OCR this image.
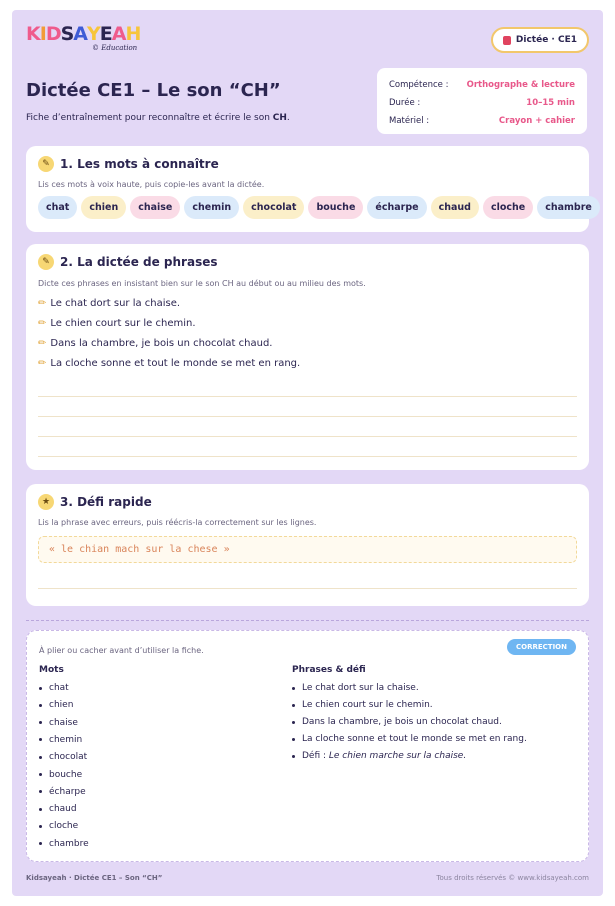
KIDSAYEAH
© Education
Dictée · CE1
Dictée CE1 – Le son “CH”
Fiche d’entraînement pour reconnaître et écrire le son CH.
Compétence : Orthographe & lecture
Durée :	10–15 min
Matériel :	Crayon + cahier
✎ 1. Les mots à connaître
Lis ces mots à voix haute, puis copie-les avant la dictée.
chat	chien	chaise	chemin	chocolat	bouche	écharpe	chaud	cloche	chambre
✎ 2. La dictée de phrases
Dicte ces phrases en insistant bien sur le son CH au début ou au milieu des mots.
✏ Le chat dort sur la chaise.
✏ Le chien court sur le chemin.
✏ Dans la chambre, je bois un chocolat chaud.
✏ La cloche sonne et tout le monde se met en rang.
★ 3. Défi rapide
Lis la phrase avec erreurs, puis réécris-la correctement sur les lignes.
« le chian mach sur la chese »
À plier ou cacher avant d’utiliser la fiche.	CORRECTION
Mots
chat
chien
chaise
chemin
chocolat
bouche
écharpe
chaud
cloche
chambre
Phrases & défi
Le chat dort sur la chaise.
Le chien court sur le chemin.
Dans la chambre, je bois un chocolat chaud.
La cloche sonne et tout le monde se met en rang.
Défi : Le chien marche sur la chaise.
Kidsayeah · Dictée CE1 – Son “CH”	Tous droits réservés © www.kidsayeah.com
